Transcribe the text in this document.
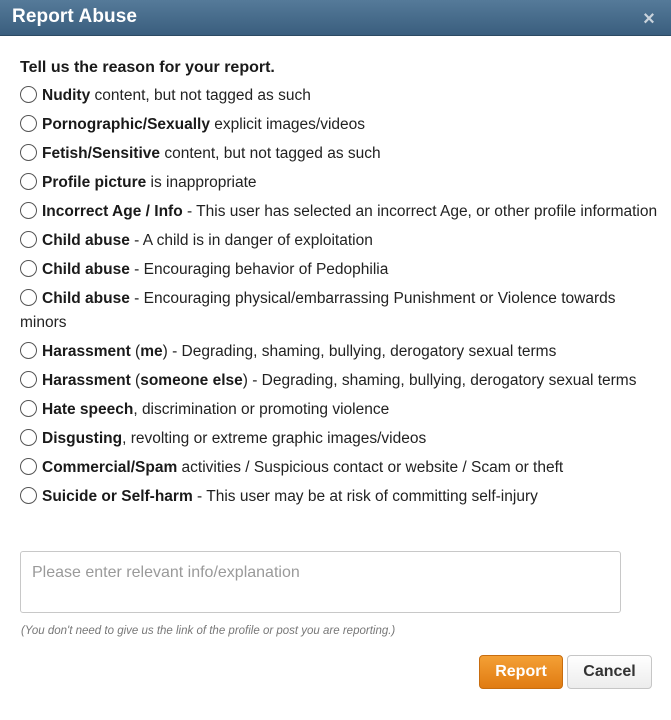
Report Abuse	×
Tell us the reason for your report.
Nudity content, but not tagged as such
Pornographic/Sexually explicit images/videos
Fetish/Sensitive content, but not tagged as such
Profile picture is inappropriate
Incorrect Age / Info - This user has selected an incorrect Age, or other profile information
Child abuse - A child is in danger of exploitation
Child abuse - Encouraging behavior of Pedophilia
Child abuse - Encouraging physical/embarrassing Punishment or Violence towards minors
Harassment (me) - Degrading, shaming, bullying, derogatory sexual terms
Harassment (someone else) - Degrading, shaming, bullying, derogatory sexual terms
Hate speech, discrimination or promoting violence
Disgusting, revolting or extreme graphic images/videos
Commercial/Spam activities / Suspicious contact or website / Scam or theft
Suicide or Self-harm - This user may be at risk of committing self-injury
Please enter relevant info/explanation
(You don't need to give us the link of the profile or post you are reporting.)
Report	Cancel
